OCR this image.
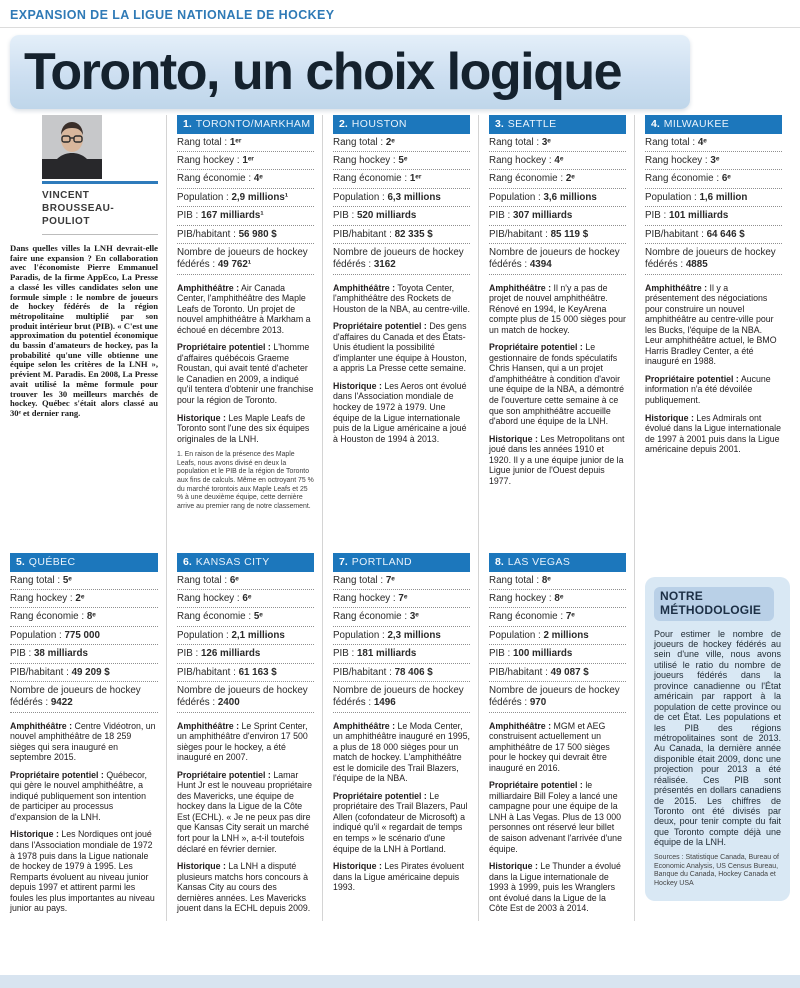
EXPANSION DE LA LIGUE NATIONALE DE HOCKEY
Toronto, un choix logique
VINCENT
BROUSSEAU-POULIOT

Dans quelles villes la LNH devrait-elle faire une expansion ? En collaboration avec l'économiste Pierre Emmanuel Paradis, de la firme AppEco, La Presse a classé les villes candidates selon une formule simple : le nombre de joueurs de hockey fédérés de la région métropolitaine multiplié par son produit intérieur brut (PIB). « C'est une approximation du potentiel économique du bassin d'amateurs de hockey, pas la probabilité qu'une ville obtienne une équipe selon les critères de la LNH », prévient M. Paradis. En 2008, La Presse avait utilisé la même formule pour trouver les 30 meilleurs marchés de hockey. Québec s'était alors classé au 30ᵉ et dernier rang.

1. TORONTO/MARKHAM
Rang total : 1ᵉʳ
Rang hockey : 1ᵉʳ
Rang économie : 4ᵉ
Population : 2,9 millions¹
PIB : 167 milliards¹
PIB/habitant : 56 980 $
Nombre de joueurs de hockey fédérés : 49 762¹

Amphithéâtre : Air Canada Center, l'amphithéâtre des Maple Leafs de Toronto. Un projet de nouvel amphithéâtre à Markham a échoué en décembre 2013.

Propriétaire potentiel : L'homme d'affaires québécois Graeme Roustan, qui avait tenté d'acheter le Canadien en 2009, a indiqué qu'il tentera d'obtenir une franchise pour la région de Toronto.

Historique : Les Maple Leafs de Toronto sont l'une des six équipes originales de la LNH.

1. En raison de la présence des Maple Leafs, nous avons divisé en deux la population et le PIB de la région de Toronto aux fins de calculs. Même en octroyant 75 % du marché torontois aux Maple Leafs et 25 % à une deuxième équipe, cette dernière arrive au premier rang de notre classement.

2. HOUSTON
Rang total : 2ᵉ
Rang hockey : 5ᵉ
Rang économie : 1ᵉʳ
Population : 6,3 millions
PIB : 520 milliards
PIB/habitant : 82 335 $
Nombre de joueurs de hockey fédérés : 3162

Amphithéâtre : Toyota Center, l'amphithéâtre des Rockets de Houston de la NBA, au centre-ville.

Propriétaire potentiel : Des gens d'affaires du Canada et des États-Unis étudient la possibilité d'implanter une équipe à Houston, a appris La Presse cette semaine.

Historique : Les Aeros ont évolué dans l'Association mondiale de hockey de 1972 à 1979. Une équipe de la Ligue internationale puis de la Ligue américaine a joué à Houston de 1994 à 2013.

3. SEATTLE
Rang total : 3ᵉ
Rang hockey : 4ᵉ
Rang économie : 2ᵉ
Population : 3,6 millions
PIB : 307 milliards
PIB/habitant : 85 119 $
Nombre de joueurs de hockey fédérés : 4394

Amphithéâtre : Il n'y a pas de projet de nouvel amphithéâtre. Rénové en 1994, le KeyArena compte plus de 15 000 sièges pour un match de hockey.

Propriétaire potentiel : Le gestionnaire de fonds spéculatifs Chris Hansen, qui a un projet d'amphithéâtre à condition d'avoir une équipe de la NBA, a démontré de l'ouverture cette semaine à ce que son amphithéâtre accueille d'abord une équipe de la LNH.

Historique : Les Metropolitans ont joué dans les années 1910 et 1920. Il y a une équipe junior de la Ligue junior de l'Ouest depuis 1977.

4. MILWAUKEE
Rang total : 4ᵉ
Rang hockey : 3ᵉ
Rang économie : 6ᵉ
Population : 1,6 million
PIB : 101 milliards
PIB/habitant : 64 646 $
Nombre de joueurs de hockey fédérés : 4885

Amphithéâtre : Il y a présentement des négociations pour construire un nouvel amphithéâtre au centre-ville pour les Bucks, l'équipe de la NBA. Leur amphithéâtre actuel, le BMO Harris Bradley Center, a été inauguré en 1988.

Propriétaire potentiel : Aucune information n'a été dévoilée publiquement.

Historique : Les Admirals ont évolué dans la Ligue internationale de 1997 à 2001 puis dans la Ligue américaine depuis 2001.

5. QUÉBEC
Rang total : 5ᵉ
Rang hockey : 2ᵉ
Rang économie : 8ᵉ
Population : 775 000
PIB : 38 milliards
PIB/habitant : 49 209 $
Nombre de joueurs de hockey fédérés : 9422

Amphithéâtre : Centre Vidéotron, un nouvel amphithéâtre de 18 259 sièges qui sera inauguré en septembre 2015.

Propriétaire potentiel : Québecor, qui gère le nouvel amphithéâtre, a indiqué publiquement son intention de participer au processus d'expansion de la LNH.

Historique : Les Nordiques ont joué dans l'Association mondiale de 1972 à 1978 puis dans la Ligue nationale de hockey de 1979 à 1995. Les Remparts évoluent au niveau junior depuis 1997 et attirent parmi les foules les plus importantes au niveau junior au pays.

6. KANSAS CITY
Rang total : 6ᵉ
Rang hockey : 6ᵉ
Rang économie : 5ᵉ
Population : 2,1 millions
PIB : 126 milliards
PIB/habitant : 61 163 $
Nombre de joueurs de hockey fédérés : 2400

Amphithéâtre : Le Sprint Center, un amphithéâtre d'environ 17 500 sièges pour le hockey, a été inauguré en 2007.

Propriétaire potentiel : Lamar Hunt Jr est le nouveau propriétaire des Mavericks, une équipe de hockey dans la Ligue de la Côte Est (ECHL). « Je ne peux pas dire que Kansas City serait un marché fort pour la LNH », a-t-il toutefois déclaré en février dernier.

Historique : La LNH a disputé plusieurs matchs hors concours à Kansas City au cours des dernières années. Les Mavericks jouent dans la ECHL depuis 2009.

7. PORTLAND
Rang total : 7ᵉ
Rang hockey : 7ᵉ
Rang économie : 3ᵉ
Population : 2,3 millions
PIB : 181 milliards
PIB/habitant : 78 406 $
Nombre de joueurs de hockey fédérés : 1496

Amphithéâtre : Le Moda Center, un amphithéâtre inauguré en 1995, a plus de 18 000 sièges pour un match de hockey. L'amphithéâtre est le domicile des Trail Blazers, l'équipe de la NBA.

Propriétaire potentiel : Le propriétaire des Trail Blazers, Paul Allen (cofondateur de Microsoft) a indiqué qu'il « regardait de temps en temps » le scénario d'une équipe de la LNH à Portland.

Historique : Les Pirates évoluent dans la Ligue américaine depuis 1993.

8. LAS VEGAS
Rang total : 8ᵉ
Rang hockey : 8ᵉ
Rang économie : 7ᵉ
Population : 2 millions
PIB : 100 milliards
PIB/habitant : 49 087 $
Nombre de joueurs de hockey fédérés : 970

Amphithéâtre : MGM et AEG construisent actuellement un amphithéâtre de 17 500 sièges pour le hockey qui devrait être inauguré en 2016.

Propriétaire potentiel : le milliardaire Bill Foley a lancé une campagne pour une équipe de la LNH à Las Vegas. Plus de 13 000 personnes ont réservé leur billet de saison advenant l'arrivée d'une équipe.

Historique : Le Thunder a évolué dans la Ligue internationale de 1993 à 1999, puis les Wranglers ont évolué dans la Ligue de la Côte Est de 2003 à 2014.

NOTRE MÉTHODOLOGIE

Pour estimer le nombre de joueurs de hockey fédérés au sein d'une ville, nous avons utilisé le ratio du nombre de joueurs fédérés dans la province canadienne ou l'État américain par rapport à la population de cette province ou de cet État. Les populations et les PIB des régions métropolitaines sont de 2013. Au Canada, la dernière année disponible était 2009, donc une projection pour 2013 a été réalisée. Ces PIB sont présentés en dollars canadiens de 2015. Les chiffres de Toronto ont été divisés par deux, pour tenir compte du fait que Toronto compte déjà une équipe de la LNH.

Sources : Statistique Canada, Bureau of Economic Analysis, US Census Bureau, Banque du Canada, Hockey Canada et Hockey USA
